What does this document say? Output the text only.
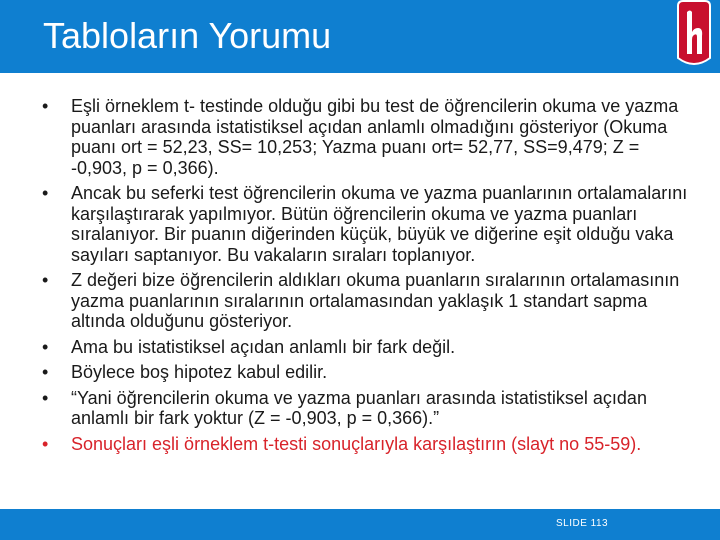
Tabloların Yorumu
•	Eşli örneklem t- testinde olduğu gibi bu test de öğrencilerin okuma ve yazma puanları arasında istatistiksel açıdan anlamlı olmadığını gösteriyor (Okuma puanı ort = 52,23, SS= 10,253; Yazma puanı ort= 52,77, SS=9,479; Z = -0,903, p = 0,366).
•	Ancak bu seferki test öğrencilerin okuma ve yazma puanlarının ortalamalarını karşılaştırarak yapılmıyor. Bütün öğrencilerin okuma ve yazma puanları sıralanıyor. Bir puanın diğerinden küçük, büyük ve diğerine eşit olduğu vaka sayıları saptanıyor. Bu vakaların sıraları toplanıyor.
•	Z değeri bize öğrencilerin aldıkları okuma puanların sıralarının ortalamasının yazma puanlarının sıralarının ortalamasından yaklaşık 1 standart sapma altında olduğunu gösteriyor.
•	Ama bu istatistiksel açıdan anlamlı bir fark değil.
•	Böylece boş hipotez kabul edilir.
•	“Yani öğrencilerin okuma ve yazma puanları arasında istatistiksel açıdan anlamlı bir fark yoktur (Z = -0,903, p = 0,366).”
•	Sonuçları eşli örneklem t-testi sonuçlarıyla karşılaştırın (slayt no 55-59).
SLIDE 113
